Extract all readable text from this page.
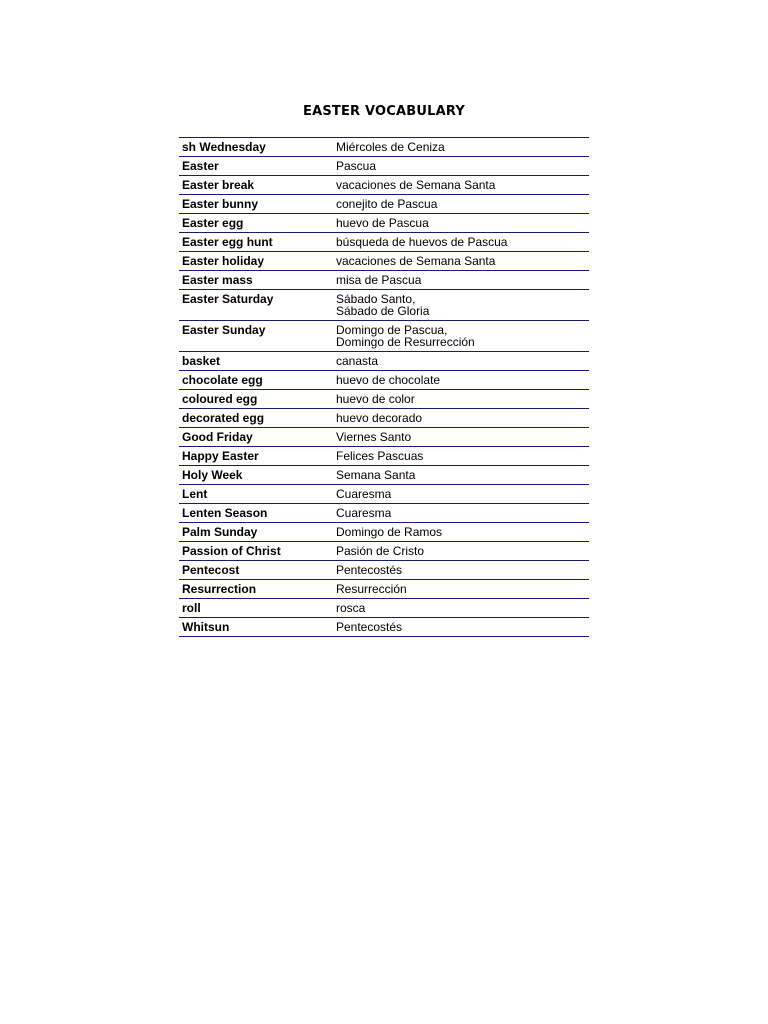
EASTER VOCABULARY
sh Wednesday	Miércoles de Ceniza

Easter	Pascua

Easter break	vacaciones de Semana Santa

Easter bunny	conejito de Pascua

Easter egg	huevo de Pascua

Easter egg hunt	búsqueda de huevos de Pascua

Easter holiday	vacaciones de Semana Santa

Easter mass	misa de Pascua

Easter Saturday	Sábado Santo,
Sábado de Gloria

Easter Sunday	Domingo de Pascua,
Domingo de Resurrección

basket	canasta

chocolate egg	huevo de chocolate

coloured egg	huevo de color

decorated egg	huevo decorado

Good Friday	Viernes Santo

Happy Easter	Felices Pascuas

Holy Week	Semana Santa

Lent	Cuaresma

Lenten Season	Cuaresma

Palm Sunday	Domingo de Ramos

Passion of Christ	Pasión de Cristo

Pentecost	Pentecostés

Resurrection	Resurrección

roll	rosca

Whitsun	Pentecostés
